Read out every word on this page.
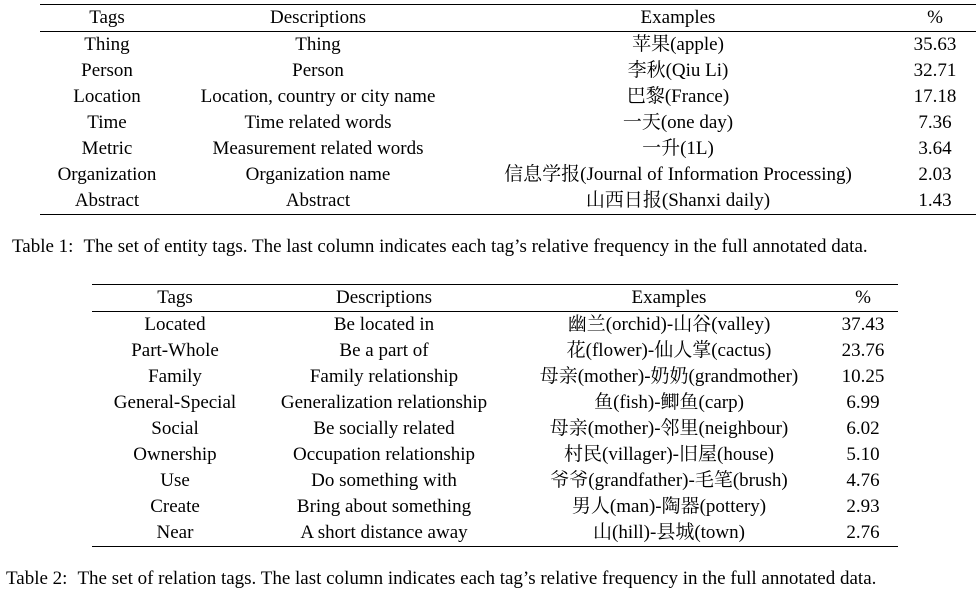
Tags	Descriptions	Examples	%
Thing	Thing	苹果(apple)	35.63
Person	Person	李秋(Qiu Li)	32.71
Location	Location, country or city name	巴黎(France)	17.18
Time	Time related words	一天(one day)	7.36
Metric	Measurement related words	一升(1L)	3.64
Organization	Organization name	信息学报(Journal of Information Processing)	2.03
Abstract	Abstract	山西日报(Shanxi daily)	1.43
Table 1: The set of entity tags. The last column indicates each tag’s relative frequency in the full annotated data.
Tags	Descriptions	Examples	%
Located	Be located in	幽兰(orchid)-山谷(valley)	37.43
Part-Whole	Be a part of	花(flower)-仙人掌(cactus)	23.76
Family	Family relationship	母亲(mother)-奶奶(grandmother)	10.25
General-Special	Generalization relationship	鱼(fish)-鲫鱼(carp)	6.99
Social	Be socially related	母亲(mother)-邻里(neighbour)	6.02
Ownership	Occupation relationship	村民(villager)-旧屋(house)	5.10
Use	Do something with	爷爷(grandfather)-毛笔(brush)	4.76
Create	Bring about something	男人(man)-陶器(pottery)	2.93
Near	A short distance away	山(hill)-县城(town)	2.76
Table 2: The set of relation tags. The last column indicates each tag’s relative frequency in the full annotated data.
